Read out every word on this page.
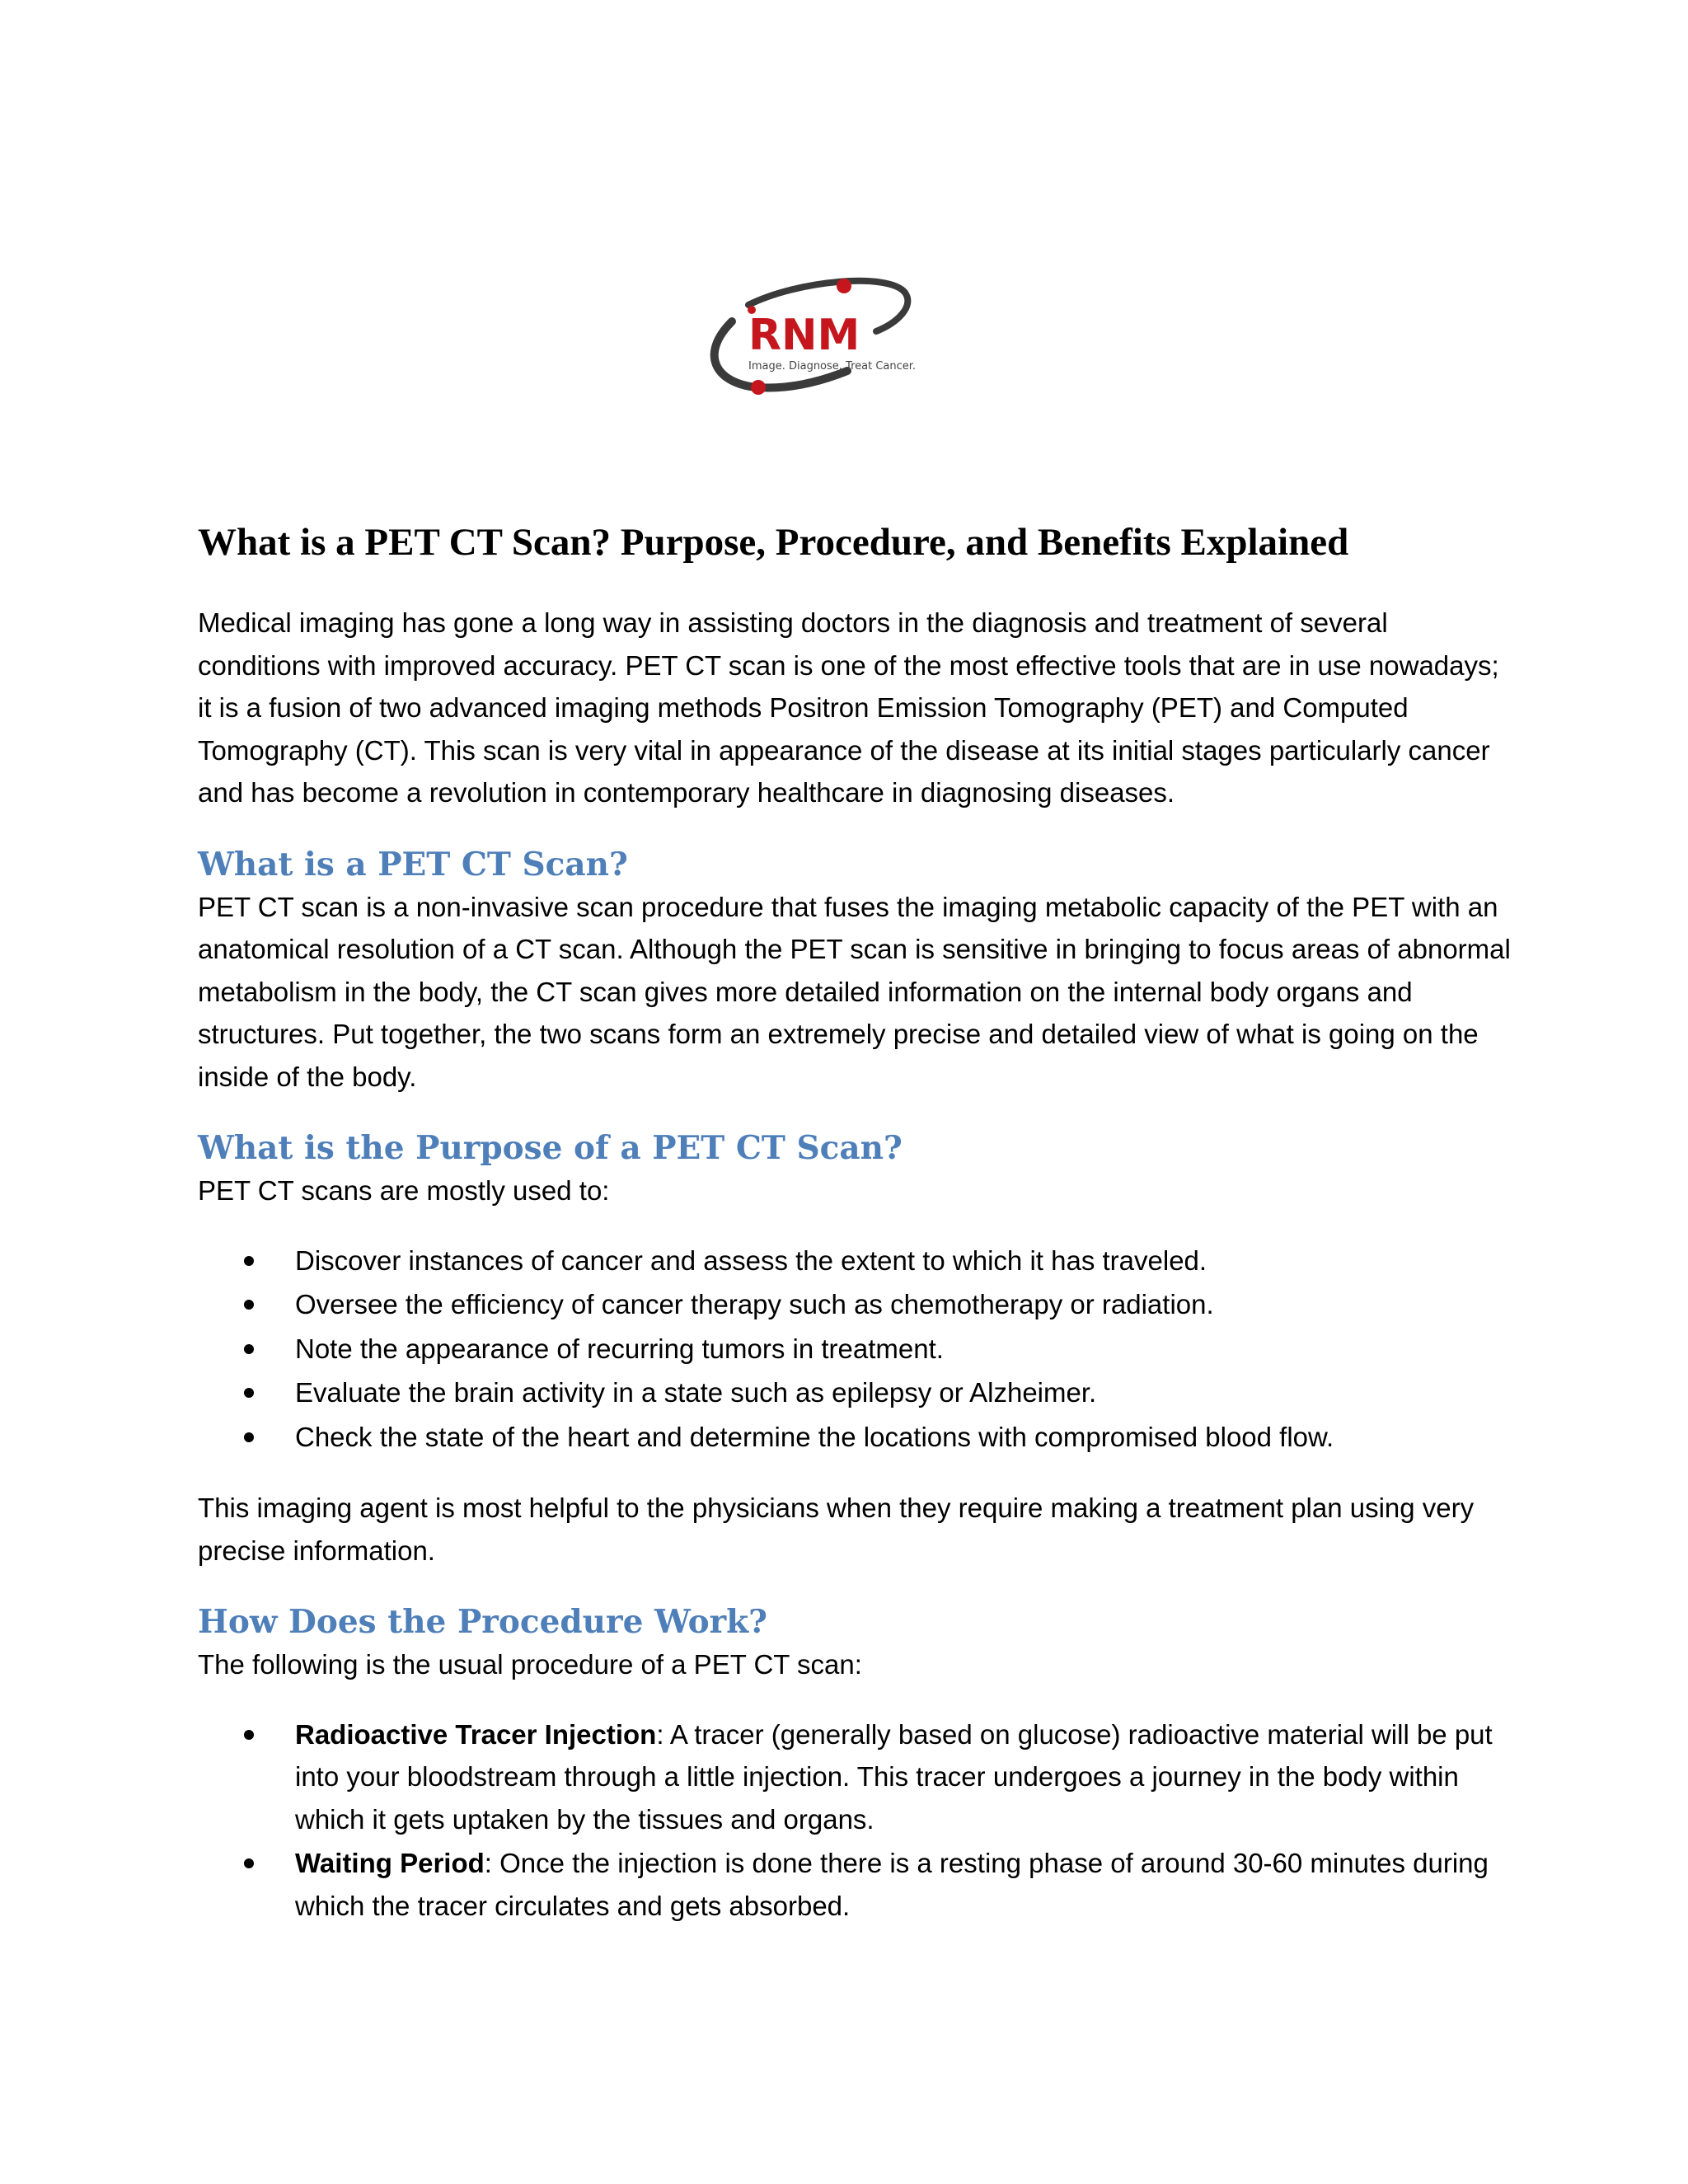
RNM
Image. Diagnose. Treat Cancer.
What is a PET CT Scan? Purpose, Procedure, and Benefits Explained

Medical imaging has gone a long way in assisting doctors in the diagnosis and treatment of several conditions with improved accuracy. PET CT scan is one of the most effective tools that are in use nowadays; it is a fusion of two advanced imaging methods Positron Emission Tomography (PET) and Computed Tomography (CT). This scan is very vital in appearance of the disease at its initial stages particularly cancer and has become a revolution in contemporary healthcare in diagnosing diseases.

What is a PET CT Scan?

PET CT scan is a non-invasive scan procedure that fuses the imaging metabolic capacity of the PET with an anatomical resolution of a CT scan. Although the PET scan is sensitive in bringing to focus areas of abnormal metabolism in the body, the CT scan gives more detailed information on the internal body organs and structures. Put together, the two scans form an extremely precise and detailed view of what is going on the inside of the body.

What is the Purpose of a PET CT Scan?

PET CT scans are mostly used to:

Discover instances of cancer and assess the extent to which it has traveled.
Oversee the efficiency of cancer therapy such as chemotherapy or radiation.
Note the appearance of recurring tumors in treatment.
Evaluate the brain activity in a state such as epilepsy or Alzheimer.
Check the state of the heart and determine the locations with compromised blood flow.

This imaging agent is most helpful to the physicians when they require making a treatment plan using very precise information.

How Does the Procedure Work?

The following is the usual procedure of a PET CT scan:

Radioactive Tracer Injection: A tracer (generally based on glucose) radioactive material will be put into your bloodstream through a little injection. This tracer undergoes a journey in the body within which it gets uptaken by the tissues and organs.
Waiting Period: Once the injection is done there is a resting phase of around 30-60 minutes during which the tracer circulates and gets absorbed.
